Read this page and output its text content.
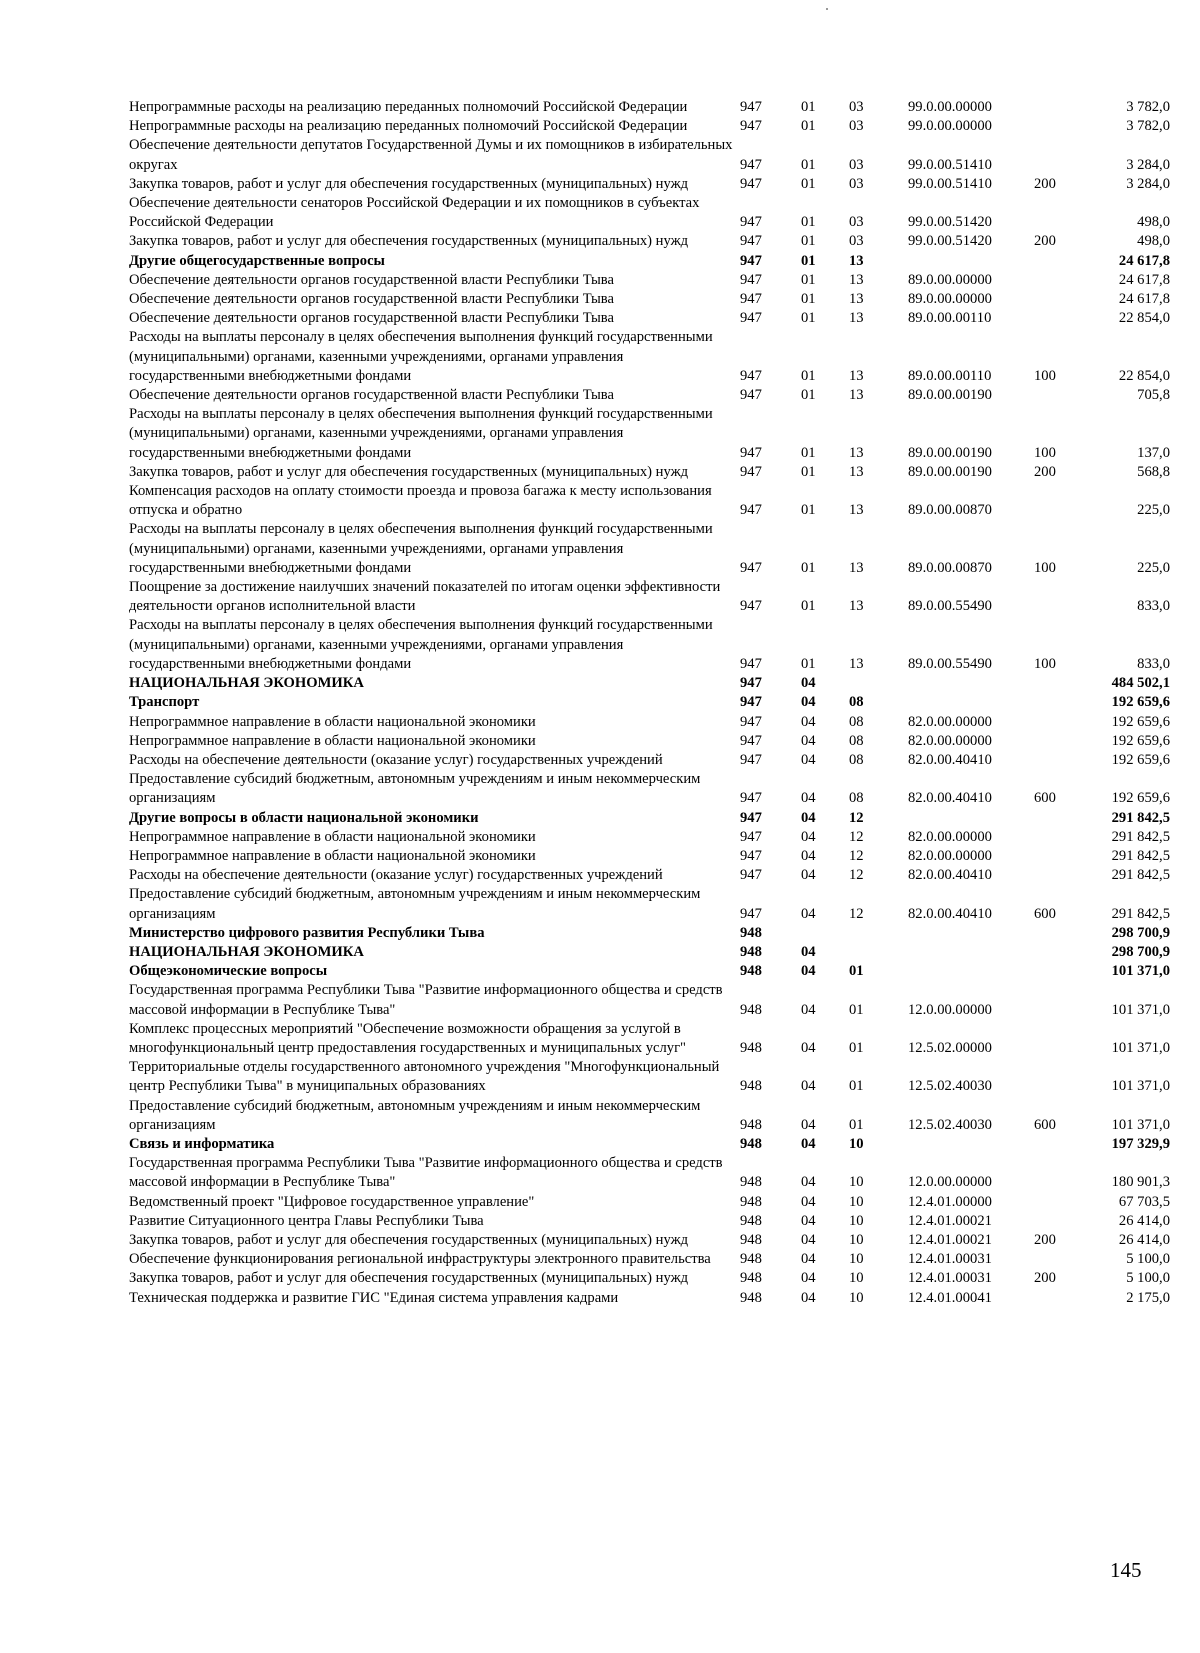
Непрограммные расходы на реализацию переданных полномочий Российской Федерации	947	01	03	99.0.00.00000		3 782,0
Непрограммные расходы на реализацию переданных полномочий Российской Федерации	947	01	03	99.0.00.00000		3 782,0
Обеспечение деятельности депутатов Государственной Думы и их помощников в избирательных округах	947	01	03	99.0.00.51410		3 284,0
Закупка товаров, работ и услуг для обеспечения государственных (муниципальных) нужд	947	01	03	99.0.00.51410	200	3 284,0
Обеспечение деятельности сенаторов Российской Федерации и их помощников в субъектах Российской Федерации	947	01	03	99.0.00.51420		498,0
Закупка товаров, работ и услуг для обеспечения государственных (муниципальных) нужд	947	01	03	99.0.00.51420	200	498,0
Другие общегосударственные вопросы	947	01	13			24 617,8
Обеспечение деятельности органов государственной власти Республики Тыва	947	01	13	89.0.00.00000		24 617,8
Обеспечение деятельности органов государственной власти Республики Тыва	947	01	13	89.0.00.00000		24 617,8
Обеспечение деятельности органов государственной власти Республики Тыва	947	01	13	89.0.00.00110		22 854,0
Расходы на выплаты персоналу в целях обеспечения выполнения функций государственными (муниципальными) органами, казенными учреждениями, органами управления государственными внебюджетными фондами	947	01	13	89.0.00.00110	100	22 854,0
Обеспечение деятельности органов государственной власти Республики Тыва	947	01	13	89.0.00.00190		705,8
Расходы на выплаты персоналу в целях обеспечения выполнения функций государственными (муниципальными) органами, казенными учреждениями, органами управления государственными внебюджетными фондами	947	01	13	89.0.00.00190	100	137,0
Закупка товаров, работ и услуг для обеспечения государственных (муниципальных) нужд	947	01	13	89.0.00.00190	200	568,8
Компенсация расходов на оплату стоимости проезда и провоза багажа к месту использования отпуска и обратно	947	01	13	89.0.00.00870		225,0
Расходы на выплаты персоналу в целях обеспечения выполнения функций государственными (муниципальными) органами, казенными учреждениями, органами управления государственными внебюджетными фондами	947	01	13	89.0.00.00870	100	225,0
Поощрение за достижение наилучших значений показателей по итогам оценки эффективности деятельности органов исполнительной власти	947	01	13	89.0.00.55490		833,0
Расходы на выплаты персоналу в целях обеспечения выполнения функций государственными (муниципальными) органами, казенными учреждениями, органами управления государственными внебюджетными фондами	947	01	13	89.0.00.55490	100	833,0
НАЦИОНАЛЬНАЯ ЭКОНОМИКА	947	04				484 502,1
Транспорт	947	04	08			192 659,6
Непрограммное направление в области национальной экономики	947	04	08	82.0.00.00000		192 659,6
Непрограммное направление в области национальной экономики	947	04	08	82.0.00.00000		192 659,6
Расходы на обеспечение деятельности (оказание услуг) государственных учреждений	947	04	08	82.0.00.40410		192 659,6
Предоставление субсидий бюджетным, автономным учреждениям и иным некоммерческим организациям	947	04	08	82.0.00.40410	600	192 659,6
Другие вопросы в области национальной экономики	947	04	12			291 842,5
Непрограммное направление в области национальной экономики	947	04	12	82.0.00.00000		291 842,5
Непрограммное направление в области национальной экономики	947	04	12	82.0.00.00000		291 842,5
Расходы на обеспечение деятельности (оказание услуг) государственных учреждений	947	04	12	82.0.00.40410		291 842,5
Предоставление субсидий бюджетным, автономным учреждениям и иным некоммерческим организациям	947	04	12	82.0.00.40410	600	291 842,5
Министерство цифрового развития Республики Тыва	948					298 700,9
НАЦИОНАЛЬНАЯ ЭКОНОМИКА	948	04				298 700,9
Общеэкономические вопросы	948	04	01			101 371,0
Государственная программа Республики Тыва "Развитие информационного общества и средств массовой информации в Республике Тыва"	948	04	01	12.0.00.00000		101 371,0
Комплекс процессных мероприятий "Обеспечение возможности обращения за услугой в многофункциональный центр предоставления государственных и муниципальных услуг"	948	04	01	12.5.02.00000		101 371,0
Территориальные отделы государственного автономного учреждения "Многофункциональный центр Республики Тыва" в муниципальных образованиях	948	04	01	12.5.02.40030		101 371,0
Предоставление субсидий бюджетным, автономным учреждениям и иным некоммерческим организациям	948	04	01	12.5.02.40030	600	101 371,0
Связь и информатика	948	04	10			197 329,9
Государственная программа Республики Тыва "Развитие информационного общества и средств массовой информации в Республике Тыва"	948	04	10	12.0.00.00000		180 901,3
Ведомственный проект "Цифровое государственное управление"	948	04	10	12.4.01.00000		67 703,5
Развитие Ситуационного центра Главы Республики Тыва	948	04	10	12.4.01.00021		26 414,0
Закупка товаров, работ и услуг для обеспечения государственных (муниципальных) нужд	948	04	10	12.4.01.00021	200	26 414,0
Обеспечение функционирования региональной инфраструктуры электронного правительства	948	04	10	12.4.01.00031		5 100,0
Закупка товаров, работ и услуг для обеспечения государственных (муниципальных) нужд	948	04	10	12.4.01.00031	200	5 100,0
Техническая поддержка и развитие ГИС "Единая система управления кадрами	948	04	10	12.4.01.00041		2 175,0
145
